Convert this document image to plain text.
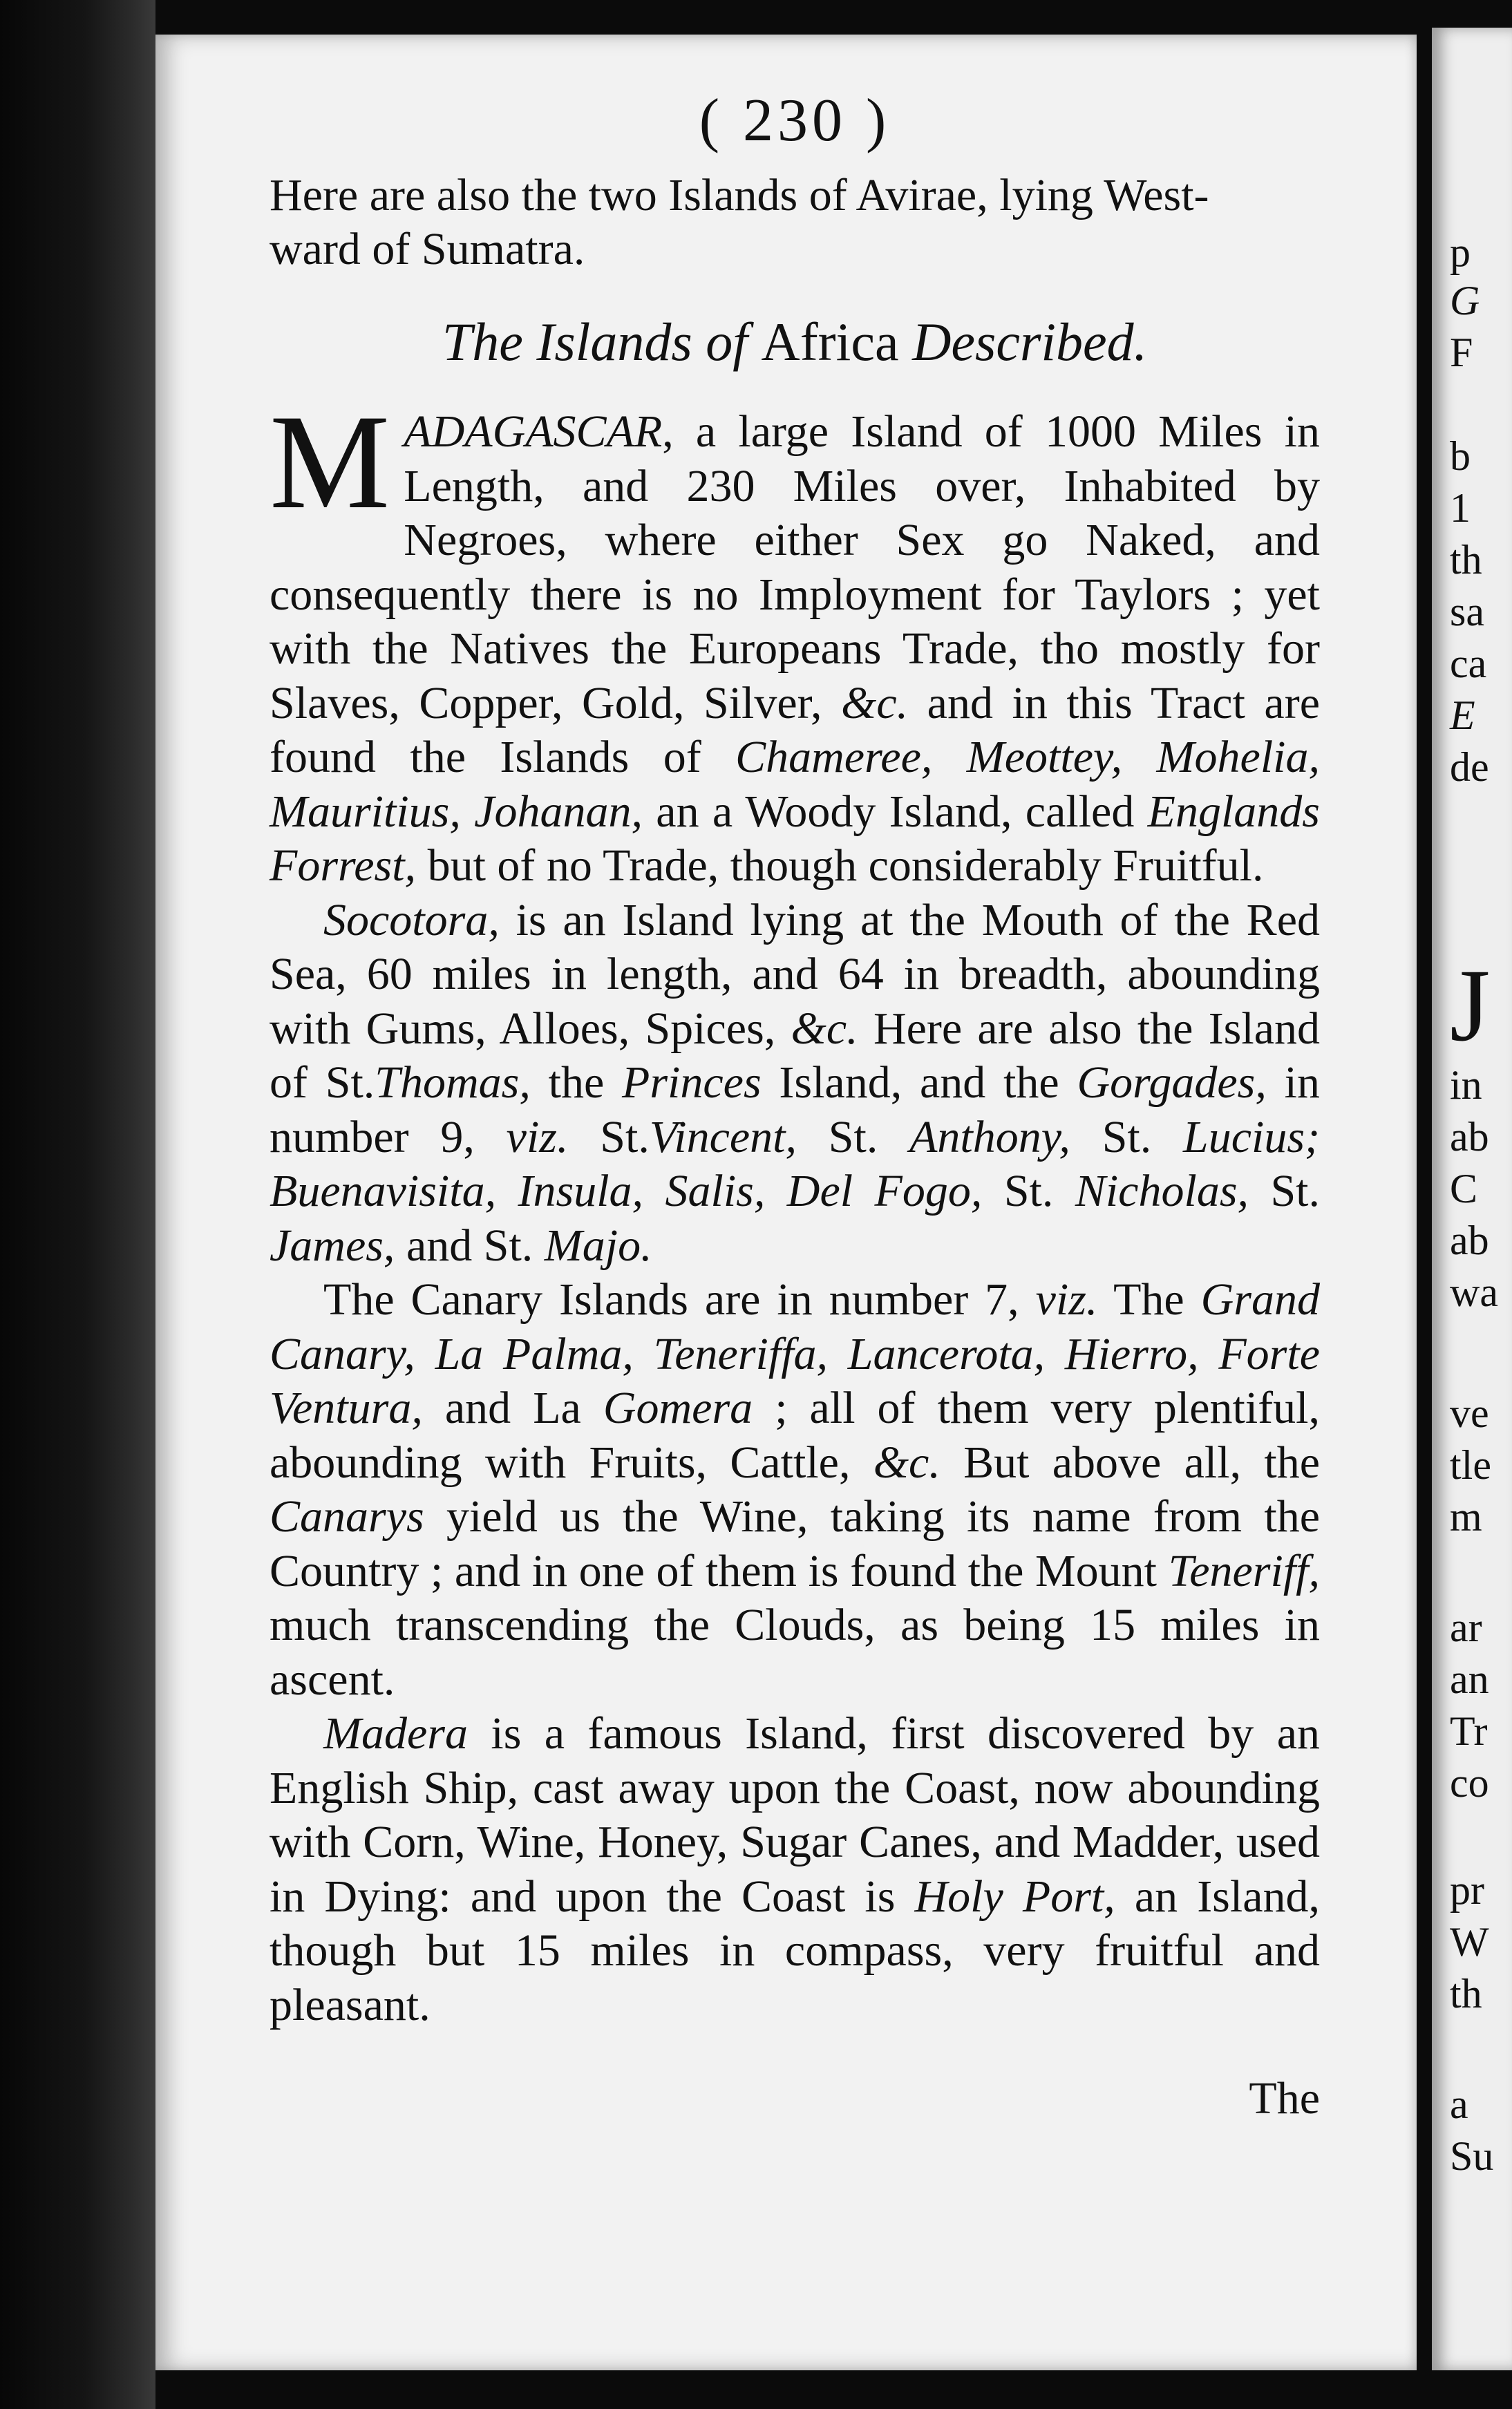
( 230 )

Here are also the two Islands of Avirae, lying West-

ward of Sumatra.

The Islands of Africa Described.

MADAGASCAR, a large Island of 1000 Miles in Length, and 230 Miles over, Inhabited by Negroes, where either Sex go Naked, and consequently there is no Imployment for Taylors ; yet with the Natives the Europeans Trade, tho mostly for Slaves, Copper, Gold, Silver, &c. and in this Tract are found the Islands of Chameree, Meottey, Mohelia, Mauritius, Johanan, an a Woody Island, called Englands Forrest, but of no Trade, though considerably Fruitful.

Socotora, is an Island lying at the Mouth of the Red Sea, 60 miles in length, and 64 in breadth, abounding with Gums, Alloes, Spices, &c. Here are also the Island of St.Thomas, the Princes Island, and the Gorgades, in number 9, viz. St.Vincent, St. Anthony, St. Lucius; Buenavisita, Insula, Salis, Del Fogo, St. Nicholas, St. James, and St. Majo.

The Canary Islands are in number 7, viz. The Grand Canary, La Palma, Teneriffa, Lancerota, Hierro, Forte Ventura, and La Gomera ; all of them very plentiful, abounding with Fruits, Cattle, &c. But above all, the Canarys yield us the Wine, taking its name from the Country ; and in one of them is found the Mount Teneriff, much transcending the Clouds, as being 15 miles in ascent.

Madera is a famous Island, first discovered by an English Ship, cast away upon the Coast, now abounding with Corn, Wine, Honey, Sugar Canes, and Madder, used in Dying: and upon the Coast is Holy Port, an Island, though but 15 miles in compass, very fruitful and pleasant.

The
p
G
F
b
1
th
sa
ca
E
de
J
in
ab
C
ab
wa
ve
tle
m
ar
an
Tr
co
pr
W
th
a
Su
